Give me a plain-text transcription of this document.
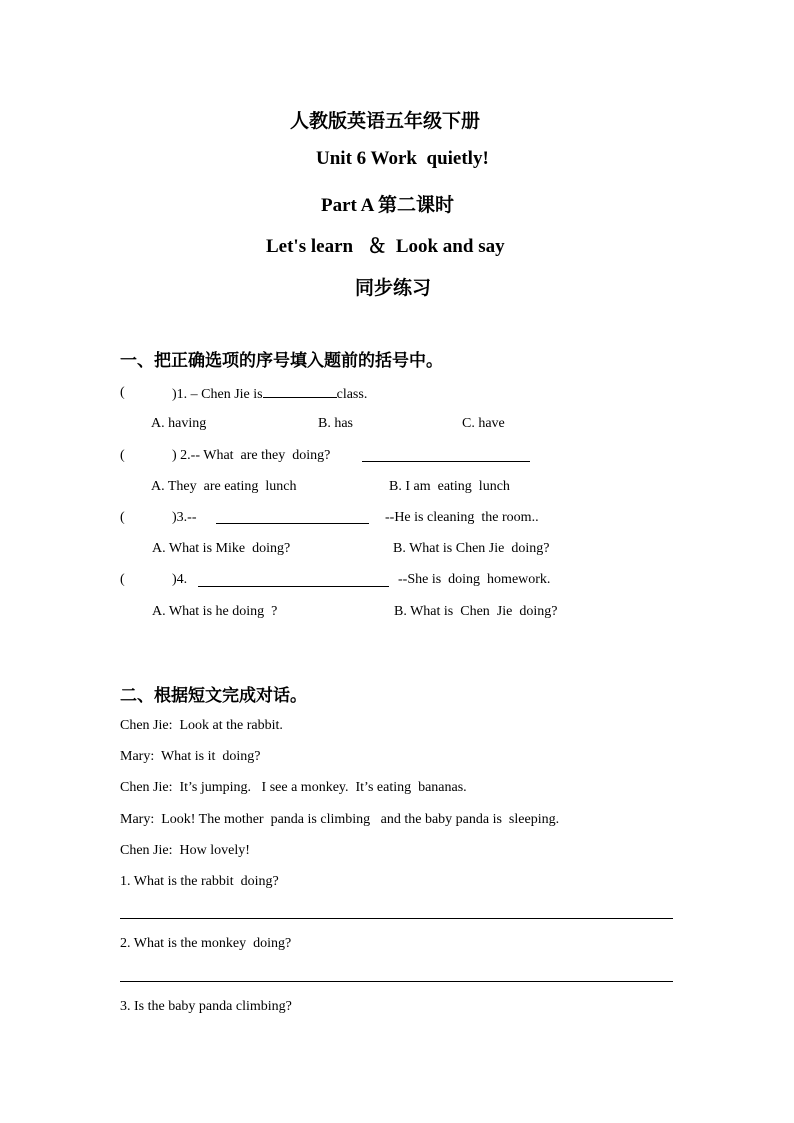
人教版英语五年级下册
Unit 6 Work  quietly!
Part A 第二课时
Let's learn   ＆  Look and say
同步练习
一、把正确选项的序号填入题前的括号中。
(	)1. – Chen Jie is	class.
A. having	B. has	C. have
(	) 2.-- What  are they  doing?
A. They  are eating  lunch	B. I am  eating  lunch
(	)3.--	--He is cleaning  the room..
A. What is Mike  doing?	B. What is Chen Jie  doing?
(	)4.	--She is  doing  homework.
A. What is he doing  ?	B. What is  Chen  Jie  doing?
二、根据短文完成对话。
Chen Jie:  Look at the rabbit.
Mary:  What is it  doing?
Chen Jie:  It’s jumping.   I see a monkey.  It’s eating  bananas.
Mary:  Look! The mother  panda is climbing   and the baby panda is  sleeping.
Chen Jie:  How lovely!
1. What is the rabbit  doing?
2. What is the monkey  doing?
3. Is the baby panda climbing?
